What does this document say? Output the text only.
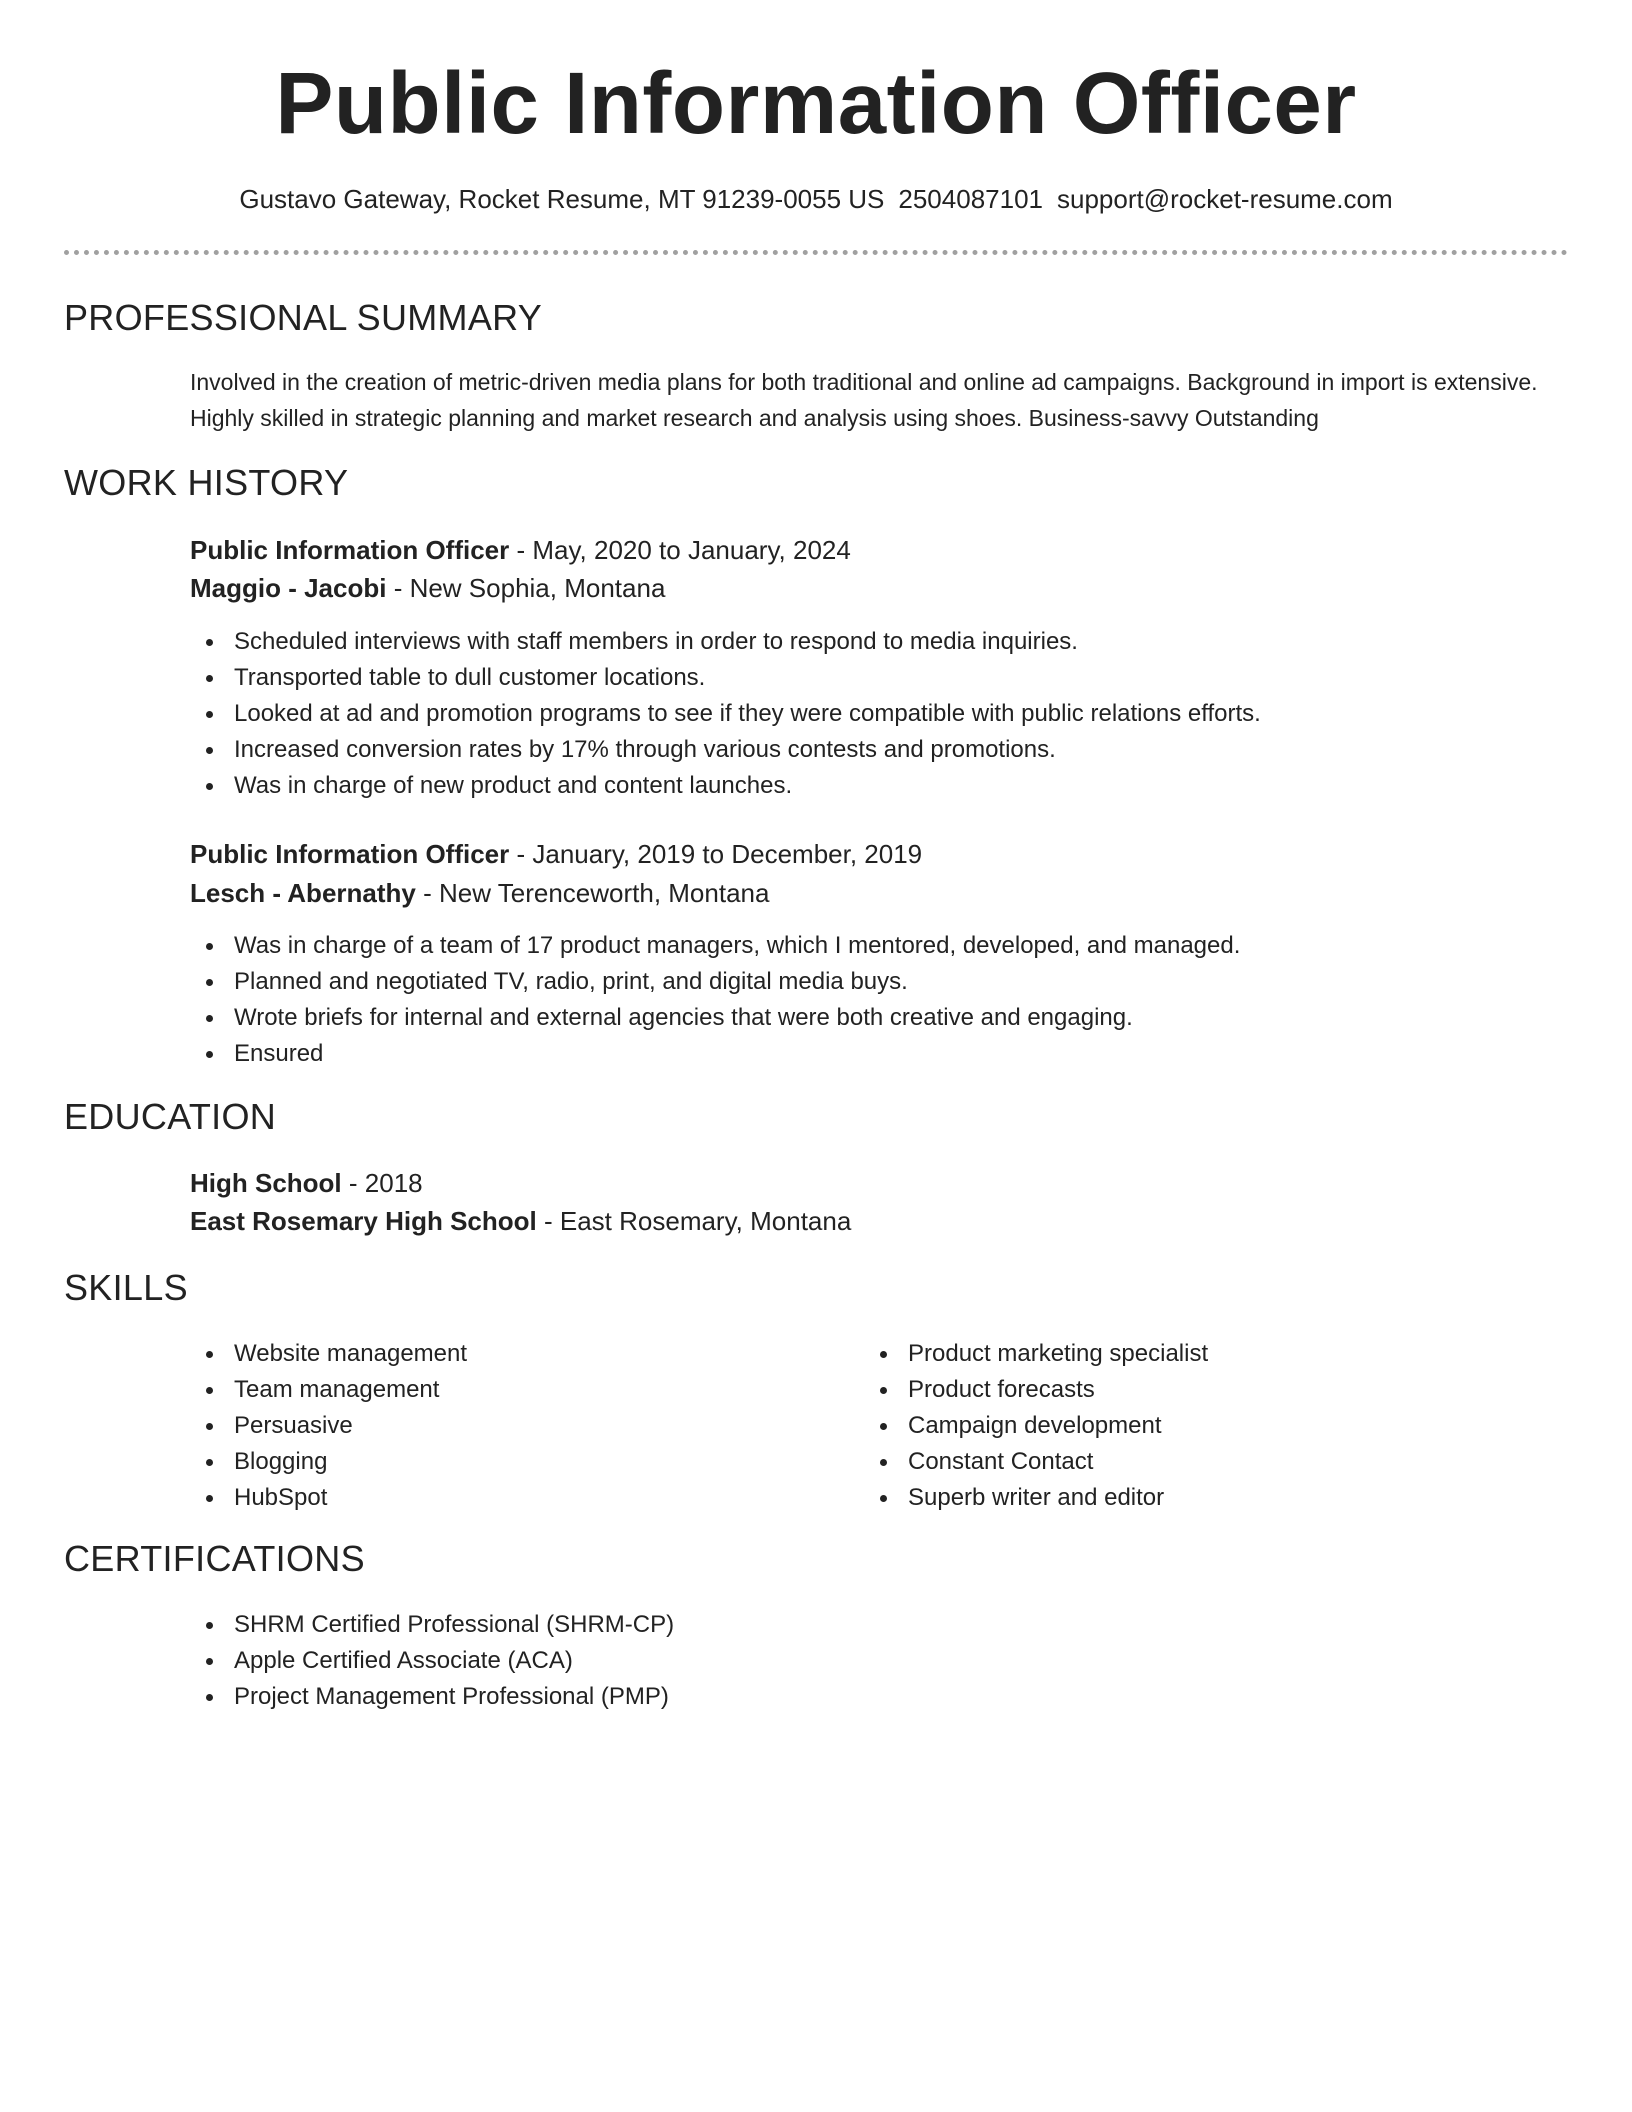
Public Information Officer
Gustavo Gateway, Rocket Resume, MT 91239-0055 US 2504087101 support@rocket-resume.com
PROFESSIONAL SUMMARY
Involved in the creation of metric-driven media plans for both traditional and online ad campaigns. Background in import is extensive. Highly skilled in strategic planning and market research and analysis using shoes. Business-savvy Outstanding
WORK HISTORY
Public Information Officer - May, 2020 to January, 2024
Maggio - Jacobi - New Sophia, Montana
Scheduled interviews with staff members in order to respond to media inquiries.
Transported table to dull customer locations.
Looked at ad and promotion programs to see if they were compatible with public relations efforts.
Increased conversion rates by 17% through various contests and promotions.
Was in charge of new product and content launches.
Public Information Officer - January, 2019 to December, 2019
Lesch - Abernathy - New Terenceworth, Montana
Was in charge of a team of 17 product managers, which I mentored, developed, and managed.
Planned and negotiated TV, radio, print, and digital media buys.
Wrote briefs for internal and external agencies that were both creative and engaging.
Ensured
EDUCATION
High School - 2018
East Rosemary High School - East Rosemary, Montana
SKILLS
Website management
Team management
Persuasive
Blogging
HubSpot
Product marketing specialist
Product forecasts
Campaign development
Constant Contact
Superb writer and editor
CERTIFICATIONS
SHRM Certified Professional (SHRM-CP)
Apple Certified Associate (ACA)
Project Management Professional (PMP)
